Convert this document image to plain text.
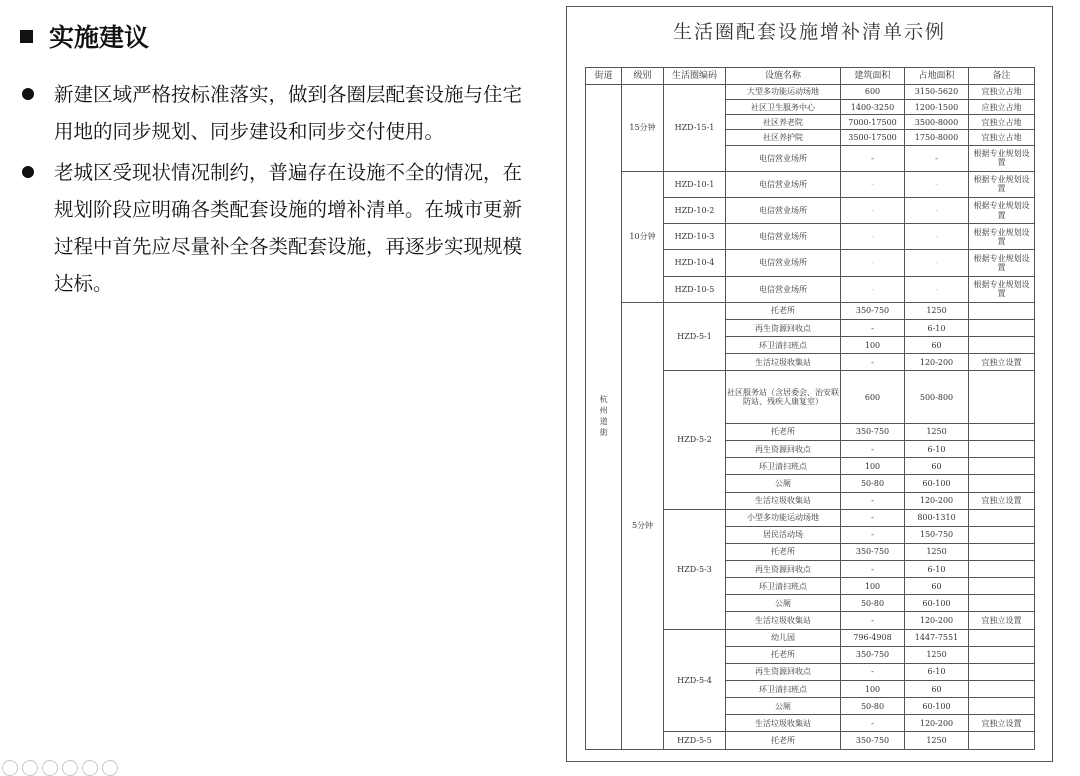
实施建议
新建区域严格按标准落实，做到各圈层配套设施与住宅用地的同步规划、同步建设和同步交付使用。
老城区受现状情况制约，普遍存在设施不全的情况，在规划阶段应明确各类配套设施的增补清单。在城市更新过程中首先应尽量补全各类配套设施，再逐步实现规模达标。
生活圈配套设施增补清单示例
街道	级别	生活圈编码	设施名称	建筑面积	占地面积	备注
杭州道街	15分钟	HZD-15-1	大型多功能运动场地	600	3150-5620	宜独立占地
			社区卫生服务中心	1400-3250	1200-1500	应独立占地
			社区养老院	7000-17500	3500-8000	宜独立占地
			社区养护院	3500-17500	1750-8000	宜独立占地
			电信营业场所	-	-	根据专业规划设置
	10分钟	HZD-10-1	电信营业场所	-	-	根据专业规划设置
		HZD-10-2	电信营业场所	-	-	根据专业规划设置
		HZD-10-3	电信营业场所	-	-	根据专业规划设置
		HZD-10-4	电信营业场所	-	-	根据专业规划设置
		HZD-10-5	电信营业场所	-	-	根据专业规划设置
	5分钟	HZD-5-1	托老所	350-750	1250	
			再生资源回收点	-	6-10	
			环卫清扫班点	100	60	
			生活垃圾收集站	-	120-200	宜独立设置
		HZD-5-2	社区服务站（含居委会、治安联防站、残疾人康复室）	600	500-800	
			托老所	350-750	1250	
			再生资源回收点	-	6-10	
			环卫清扫班点	100	60	
			公厕	50-80	60-100	
			生活垃圾收集站	-	120-200	宜独立设置
		HZD-5-3	小型多功能运动场地	-	800-1310	
			居民活动场	-	150-750	
			托老所	350-750	1250	
			再生资源回收点	-	6-10	
			环卫清扫班点	100	60	
			公厕	50-80	60-100	
			生活垃圾收集站	-	120-200	宜独立设置
		HZD-5-4	幼儿园	796-4908	1447-7551	
			托老所	350-750	1250	
			再生资源回收点	-	6-10	
			环卫清扫班点	100	60	
			公厕	50-80	60-100	
			生活垃圾收集站	-	120-200	宜独立设置
		HZD-5-5	托老所	350-750	1250	
